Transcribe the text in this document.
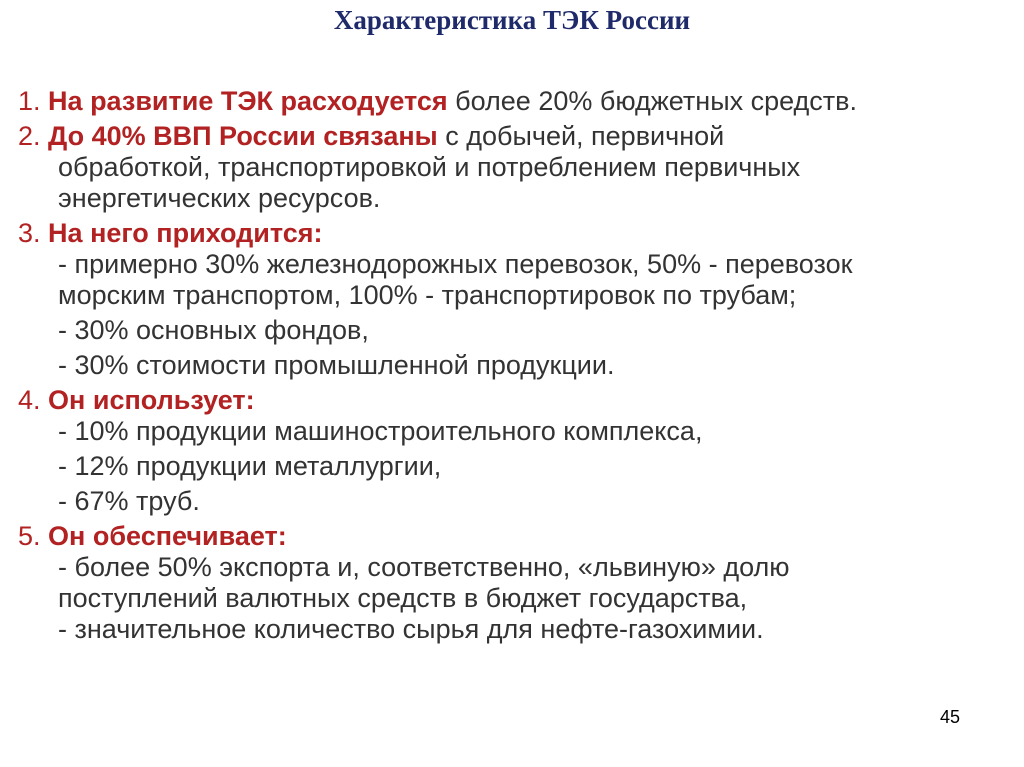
Характеристика ТЭК России
1. На развитие ТЭК расходуется более 20% бюджетных средств.
2. До 40% ВВП России связаны с добычей, первичной
обработкой, транспортировкой и потреблением первичных
энергетических ресурсов.
3. На него приходится:

- примерно 30% железнодорожных перевозок, 50% - перевозок
морским транспортом, 100% - транспортировок по трубам;

- 30% основных фондов,

- 30% стоимости промышленной продукции.

4. Он использует:

- 10% продукции машиностроительного комплекса,

- 12% продукции металлургии,

- 67% труб.

5. Он обеспечивает:

- более 50% экспорта и, соответственно, «львиную» долю
поступлений валютных средств в бюджет государства,

- значительное количество сырья для нефте-газохимии.

45
